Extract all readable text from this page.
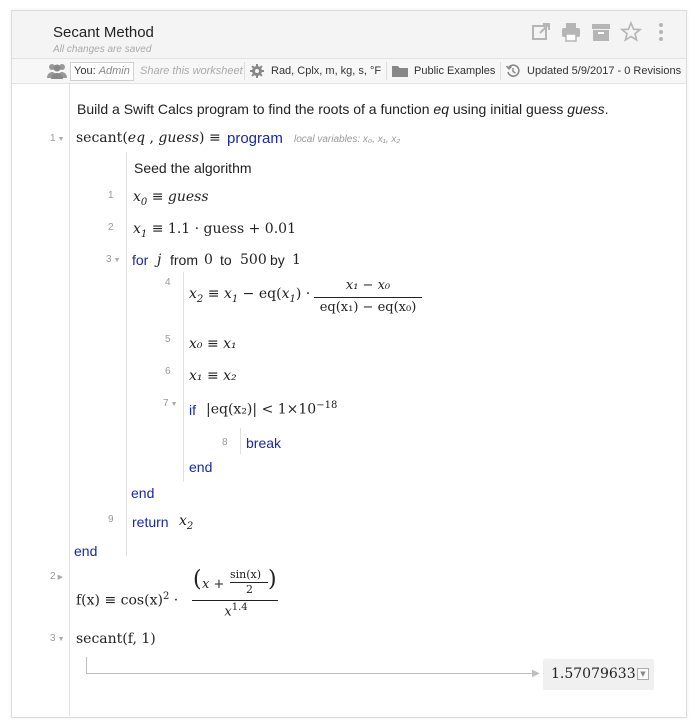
Secant Method
All changes are saved
You: Admin Share this worksheet	Rad, Cplx, m, kg, s, °F	Public Examples	Updated 5/9/2017 - 0 Revisions
Build a Swift Calcs program to find the roots of a function eq using initial guess guess.
1 ▼ secant(eq , guess) ≡ program local variables: x₀, x₁, x₂
Seed the algorithm
1 $x_0$ ≡ guess
2 $x_1 \equiv 1.1$ · guess + 0.01
3 ▼ for j from 0 to 500 by 1
4
$x_2 \equiv x_1 - eq(x_1)$ ·
x₁ − x₀
eq(x₁) − eq(x₀)
5 x₀ ≡ x₁
6 x₁ ≡ x₂
7 ▼ if $|eq(x_2)| < 1\times 10^{-18}$
8 break
end
end
9 return $x_2$
end
2 ▶
$f(x) \equiv \cos(x)^2$ ·
( x +
sin(x)
2 )
$x^{1.4}$
3 ▼ secant(f, 1)
▶ 1.57079633 ▼
